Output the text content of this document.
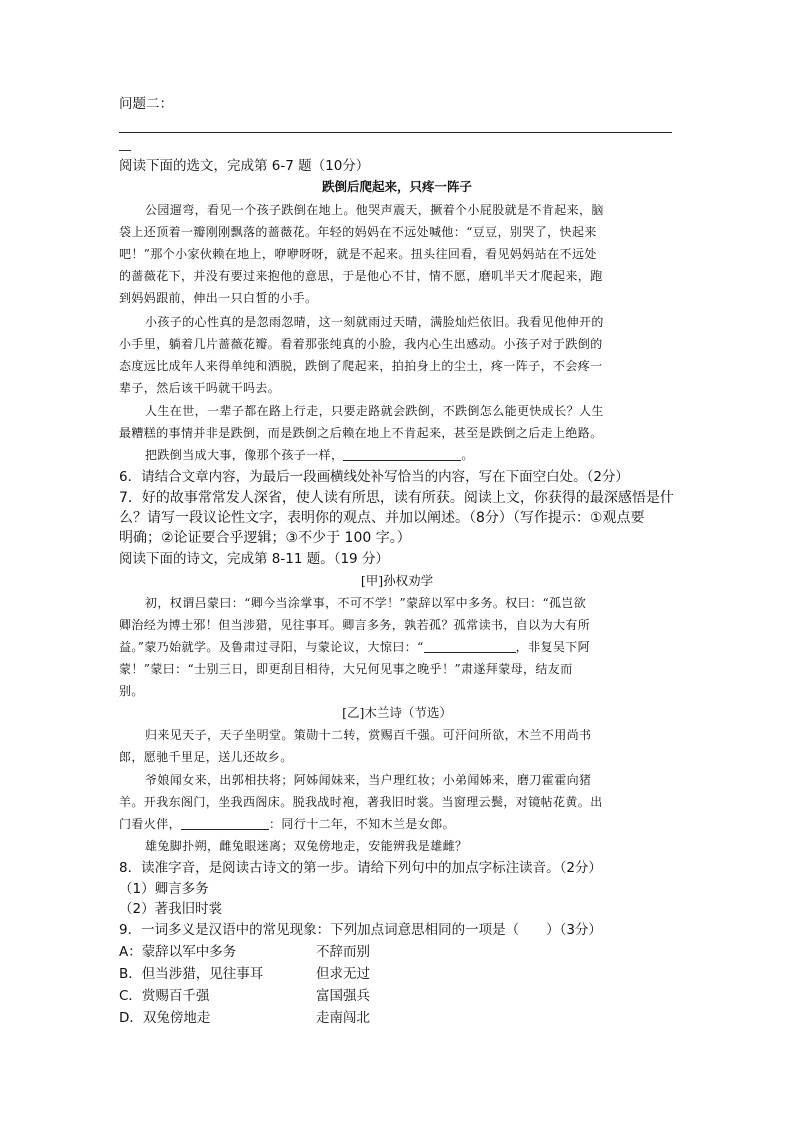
问题二：
__
阅读下面的选文，完成第 6-7 题（10分）
跌倒后爬起来，只疼一阵子
公园遛弯，看见一个孩子跌倒在地上。他哭声震天，撅着个小屁股就是不肯起来，脑
袋上还顶着一瓣刚刚飘落的蔷薇花。年轻的妈妈在不远处喊他：“豆豆，别哭了，快起来
吧！”那个小家伙赖在地上，咿咿呀呀，就是不起来。扭头往回看，看见妈妈站在不远处
的蔷薇花下，并没有要过来抱他的意思，于是他心不甘，情不愿，磨叽半天才爬起来，跑
到妈妈跟前，伸出一只白皙的小手。
小孩子的心性真的是忽雨忽晴，这一刻就雨过天晴，满脸灿烂依旧。我看见他伸开的
小手里，躺着几片蔷薇花瓣。看着那张纯真的小脸，我内心生出感动。小孩子对于跌倒的
态度远比成年人来得单纯和洒脱，跌倒了爬起来，拍拍身上的尘土，疼一阵子，不会疼一
辈子，然后该干吗就干吗去。
人生在世，一辈子都在路上行走，只要走路就会跌倒，不跌倒怎么能更快成长？人生
最糟糕的事情并非是跌倒，而是跌倒之后赖在地上不肯起来，甚至是跌倒之后走上绝路。
把跌倒当成大事，像那个孩子一样，	。
6．请结合文章内容，为最后一段画横线处补写恰当的内容，写在下面空白处。（2分）
7．好的故事常常发人深省，使人读有所思，读有所获。阅读上文，你获得的最深感悟是什
么？请写一段议论性文字，表明你的观点、并加以阐述。（8分）（写作提示：①观点要
明确；②论证要合乎逻辑；③不少于 100 字。）
阅读下面的诗文，完成第 8-11 题。（19 分）
[甲]孙权劝学
初，权谓吕蒙曰：“卿今当涂掌事，不可不学！”蒙辞以军中多务。权曰：“孤岂欲
卿治经为博士邪！但当涉猎，见往事耳。卿言多务，孰若孤？孤常读书，自以为大有所
益。”蒙乃始就学。及鲁肃过寻阳，与蒙论议，大惊曰：“	，非复吴下阿
蒙！”蒙曰：“士别三日，即更刮目相待，大兄何见事之晚乎！”肃遂拜蒙母，结友而
别。
[乙]木兰诗（节选）
归来见天子，天子坐明堂。策勋十二转，赏赐百千强。可汗问所欲，木兰不用尚书
郎，愿驰千里足，送儿还故乡。
爷娘闻女来，出郭相扶将；阿姊闻妹来，当户理红妆；小弟闻姊来，磨刀霍霍向猪
羊。开我东阁门，坐我西阁床。脱我战时袍，著我旧时裳。当窗理云鬓，对镜帖花黄。出
门看火伴，	：同行十二年，不知木兰是女郎。
雄兔脚扑朔，雌兔眼迷离；双兔傍地走，安能辨我是雄雌？
8．读准字音，是阅读古诗文的第一步。请给下列句中的加点字标注读音。（2分）
（1）卿言多务
（2）著我旧时裳
9．一词多义是汉语中的常见现象：下列加点词意思相同的一项是（　　）（3分）
A：蒙辞以军中多务	不辞而别
B．但当涉猎，见往事耳	但求无过
C．赏赐百千强	富国强兵
D．双兔傍地走	走南闯北
